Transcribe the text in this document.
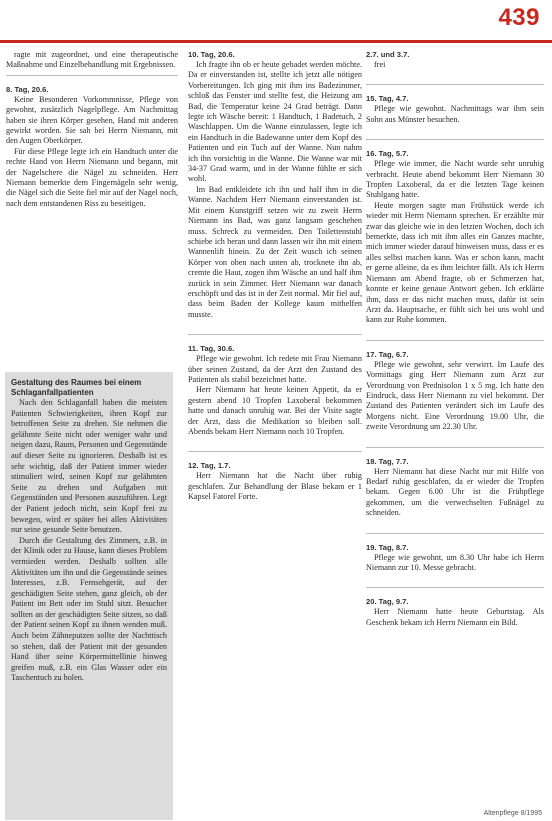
439

ragte mit zugeordnet, und eine therapeutische Maßnahme und Einzelbehandlung mit Ergebnissen.

8. Tag, 20.6.

Keine Besonderen Vorkommnisse, Pflege von gewohnt, zusätzlich Nagelpflege. Am Nachmittag haben sie ihren Körper gesehen, Hand mit anderen gewirkt worden. Sie sah bei Herrn Niemann, mit den Augen Oberkörper.

Für diese Pflege legte ich ein Handtuch unter die rechte Hand von Herrn Niemann und begann, mit der Nagelschere die Nägel zu schneiden. Herr Niemann bemerkte dem Fingernägeln sehr wenig, die Nägel sich die Seite fiel mir auf der Nagel noch, nach dem entstandenen Riss zu beseitigen.

Gestaltung des Raumes bei einem Schlaganfallpatienten

Nach den Schlaganfall haben die meisten Patienten Schwierigkeiten, ihren Kopf zur betroffenen Seite zu drehen. Sie nehmen die gelähmte Seite nicht oder weniger wahr und neigen dazu, Raum, Personen und Gegenstände auf dieser Seite zu ignorieren. Deshalb ist es sehr wichtig, daß der Patient immer wieder stimuliert wird, seinen Kopf zur gelähmten Seite zu drehen und Aufgaben mit Gegenständen und Personen auszuführen. Legt der Patient jedoch nicht, sein Kopf frei zu bewegen, wird er später bei allen Aktivitäten nur seine gesunde Seite benutzen.

Durch die Gestaltung des Zimmers, z.B. in der Klinik oder zu Hause, kann dieses Problem vermieden werden. Deshalb sollten alle Aktivitäten um ihn und die Gegenstände seines Interesses, z.B. Fernsehgerät, auf der geschädigten Seite stehen, ganz gleich, ob der Patient im Bett oder im Stuhl sitzt. Besucher sollten an der geschädigten Seite sitzen, so daß der Patient seinen Kopf zu ihnen wenden muß. Auch beim Zähneputzen sollte der Nachttisch so stehen, daß der Patient mit der gesunden Hand über seine Körpermittellinie hinweg greifen muß, z.B. ein Glas Wasser oder ein Taschentuch zu holen.

10. Tag, 20.6.

Ich fragte ihn ob er heute gebadet werden möchte. Da er einverstanden ist, stellte ich jetzt alle nötigen Vorbereitungen. Ich ging mit ihm ins Badezimmer, schloß das Fenster und stellte fest, die Heizung am Bad, die Temperatur keine 24 Grad beträgt. Dann legte ich Wäsche bereit: 1 Handtuch, 1 Badetuch, 2 Waschlappen. Um die Wanne einzulassen, legte ich ein Handtuch in die Badewanne unter dem Kopf des Patienten und ein Tuch auf der Wanne. Nun nahm ich ihn vorsichtig in die Wanne. Die Wanne war mit 34-37 Grad warm, und in der Wanne fühlte er sich wohl.

Im Bad entkleidete ich ihn und half ihm in die Wanne. Nachdem Herr Niemann einverstanden ist. Mit einem Kunstgriff setzen wir zu zweit Herrn Niemann ins Bad, was ganz langsam geschehen muss. Schreck zu vermeiden. Den Toilettenstuhl schiebe ich heran und dann lassen wir ihn mit einem Wannenlift hinein. Zu der Zeit wusch ich seinen Körper von oben nach unten ab, trocknete ihn ab, cremte die Haut, zogen ihm Wäsche an und half ihm zurück in sein Zimmer. Herr Niemann war danach erschöpft und das ist in der Zeit normal. Mir fiel auf, dass beim Baden der Kollege kaum mithelfen musste.

11. Tag, 30.6.

Pflege wie gewohnt. Ich redete mit Frau Niemann über seinen Zustand, da der Arzt den Zustand des Patienten als stabil bezeichnet hatte.

Herr Niemann hat heute keinen Appetit, da er gestern abend 10 Tropfen Laxoberal bekommen hatte und danach unruhig war. Bei der Visite sagte der Arzt, dass die Medikation so bleiben soll. Abends bekam Herr Niemann noch 10 Tropfen.

12. Tag, 1.7.

Herr Niemann hat die Nacht über ruhig geschlafen. Zur Behandlung der Blase bekam er 1 Kapsel Fatorel Forte.

2.7. und 3.7.

frei

15. Tag, 4.7.

Pflege wie gewohnt. Nachmittags war ihm sein Sohn aus Münster besuchen.

16. Tag, 5.7.

Pflege wie immer, die Nacht wurde sehr unruhig verbracht. Heute abend bekommt Herr Niemann 30 Tropfen Laxoberal, da er die letzten Tage keinen Stuhlgang hatte.

Heute morgen sagte man Frühstück werde ich wieder mit Herrn Niemann sprechen. Er erzählte mir zwar das gleiche wie in den letzten Wochen, doch ich bemerkte, dass ich mit ihm alles ein Ganzes machte, mich immer wieder darauf hinweisen muss, dass er es alles selbst machen kann. Was er schon kann, macht er gerne alleine, da es ihm leichter fällt. Als ich Herrn Niemann am Abend fragte, ob er Schmerzen hat, konnte er keine genaue Antwort geben. Ich erklärte ihm, dass er das nicht machen muss, dafür ist sein Arzt da. Hauptsache, er fühlt sich bei uns wohl und kann zur Ruhe kommen.

17. Tag, 6.7.

Pflege wie gewohnt, sehr verwirrt. Im Laufe des Vormittags ging Herr Niemann zum Arzt zur Verordnung von Prednisolon 1 x 5 mg. Ich hatte den Eindruck, dass Herr Niemann zu viel bekommt. Der Zustand des Patienten verändert sich im Laufe des Morgens nicht. Eine Verordnung 19.00 Uhr, die zweite Verordnung um 22.30 Uhr.

18. Tag, 7.7.

Herr Niemann hat diese Nacht nur mit Hilfe von Bedarf ruhig geschlafen, da er wieder die Tropfen bekam. Gegen 6.00 Uhr ist die Frühpflege gekommen, um die verwechselten Fußnägel zu schneiden.

19. Tag, 8.7.

Pflege wie gewohnt, um 8.30 Uhr habe ich Herrn Niemann zur 10. Messe gebracht.

20. Tag, 9.7.

Herr Niemann hatte heute Geburtstag. Als Geschenk bekam ich Herrn Niemann ein Bild.

Altenpflege 8/1995
